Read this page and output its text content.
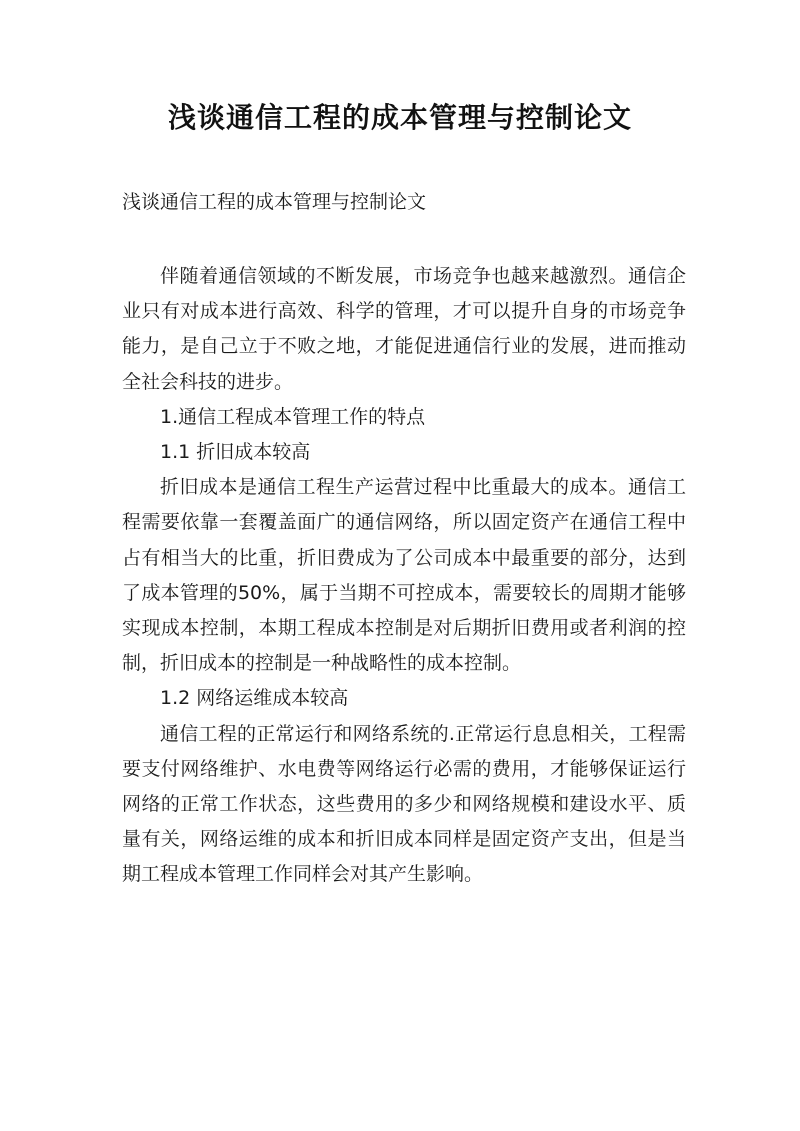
浅谈通信工程的成本管理与控制论文
浅谈通信工程的成本管理与控制论文

伴随着通信领域的不断发展，市场竞争也越来越激烈。通信企业只有对成本进行高效、科学的管理，才可以提升自身的市场竞争能力，是自己立于不败之地，才能促进通信行业的发展，进而推动全社会科技的进步。

1.通信工程成本管理工作的特点

1.1 折旧成本较高

折旧成本是通信工程生产运营过程中比重最大的成本。通信工程需要依靠一套覆盖面广的通信网络，所以固定资产在通信工程中占有相当大的比重，折旧费成为了公司成本中最重要的部分，达到了成本管理的50%，属于当期不可控成本，需要较长的周期才能够实现成本控制，本期工程成本控制是对后期折旧费用或者利润的控制，折旧成本的控制是一种战略性的成本控制。

1.2 网络运维成本较高

通信工程的正常运行和网络系统的.正常运行息息相关，工程需要支付网络维护、水电费等网络运行必需的费用，才能够保证运行网络的正常工作状态，这些费用的多少和网络规模和建设水平、质量有关，网络运维的成本和折旧成本同样是固定资产支出，但是当期工程成本管理工作同样会对其产生影响。
